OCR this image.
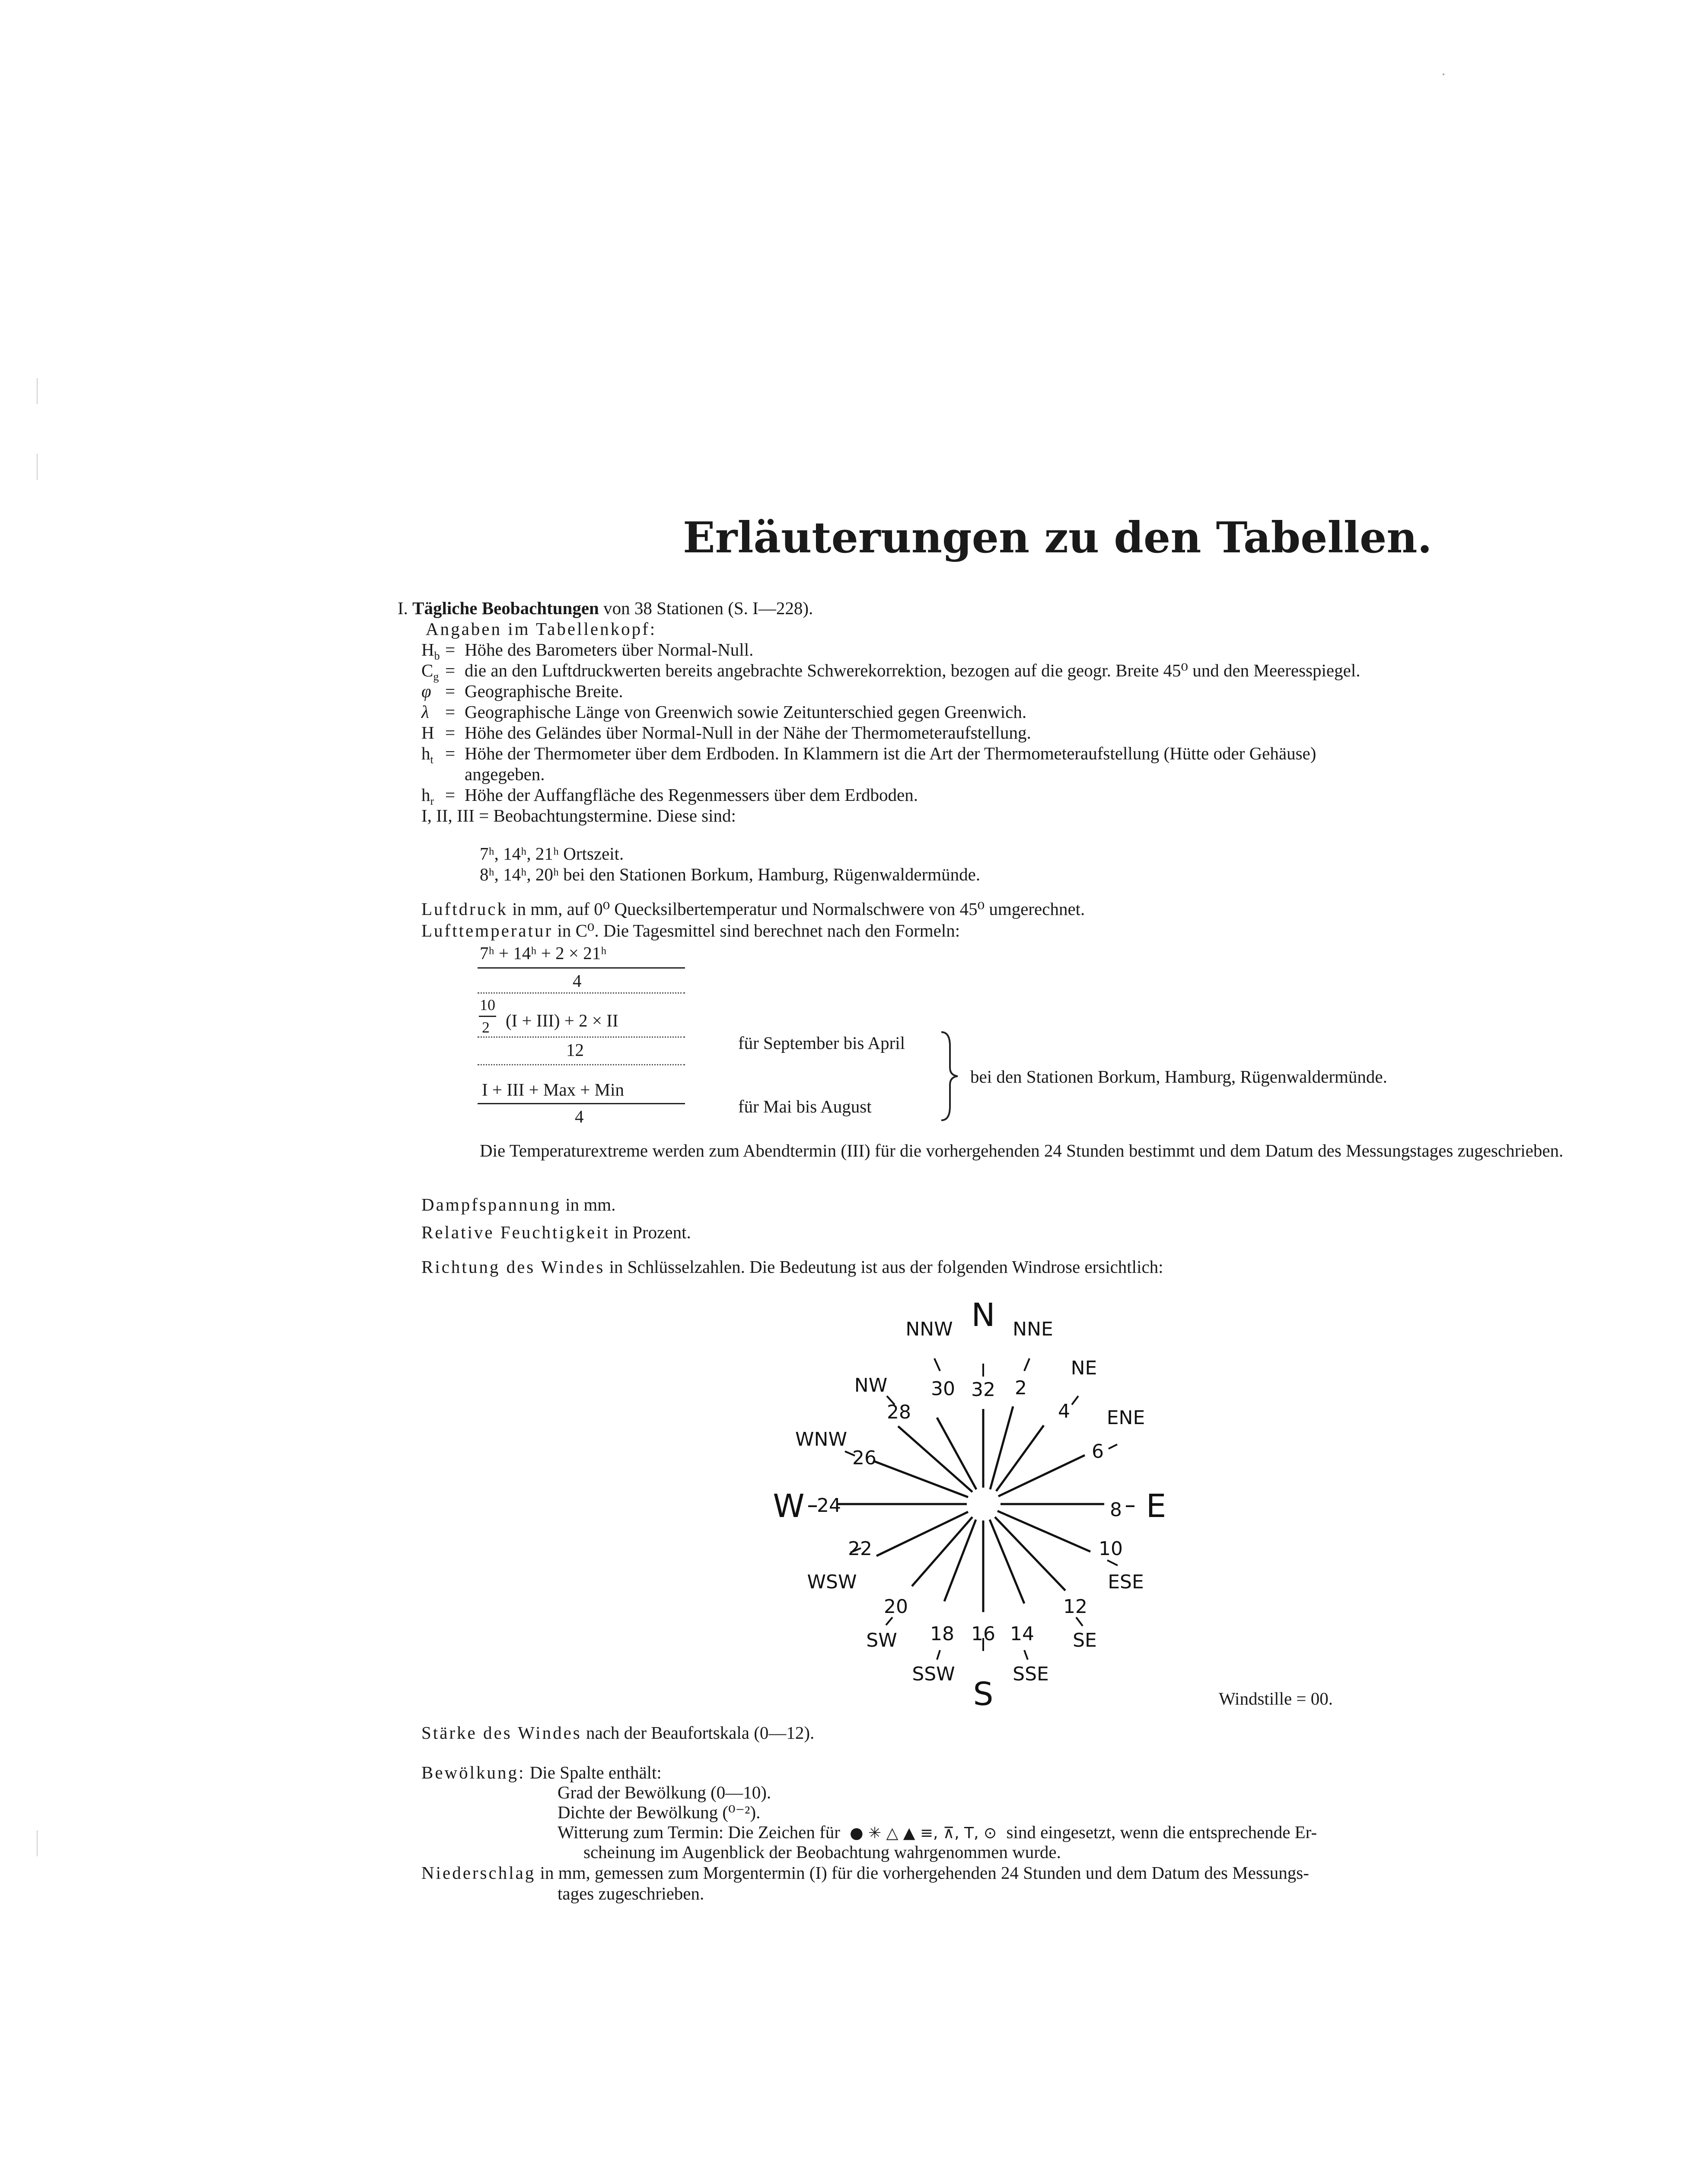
Erläuterungen zu den Tabellen.
I. Tägliche Beobachtungen von 38 Stationen (S. I—228).
Angaben im Tabellenkopf:
$H_b$ = Höhe des Barometers über Normal-Null.
$C_g$ = die an den Luftdruckwerten bereits angebrachte Schwerekorrektion, bezogen auf die geogr. Breite 45⁰ und den Meeresspiegel.
φ = Geographische Breite.
λ = Geographische Länge von Greenwich sowie Zeitunterschied gegen Greenwich.
H = Höhe des Geländes über Normal-Null in der Nähe der Thermometeraufstellung.
$h_t$ = Höhe der Thermometer über dem Erdboden. In Klammern ist die Art der Thermometeraufstellung (Hütte oder Gehäuse)
angegeben.
$h_r$ = Höhe der Auffangfläche des Regenmessers über dem Erdboden.
I, II, III = Beobachtungstermine. Diese sind:
7ʰ, 14ʰ, 21ʰ Ortszeit.
8ʰ, 14ʰ, 20ʰ bei den Stationen Borkum, Hamburg, Rügenwaldermünde.
Luftdruck in mm, auf 0⁰ Quecksilbertemperatur und Normalschwere von 45⁰ umgerechnet.
Lufttemperatur in C⁰. Die Tagesmittel sind berechnet nach den Formeln:
7ʰ + 14ʰ + 2 × 21ʰ
4
10
2 (I + III) + 2 × II
12	für September bis April
I + III + Max + Min
4	für Mai bis August
bei den Stationen Borkum, Hamburg, Rügenwaldermünde.
Die Temperaturextreme werden zum Abendtermin (III) für die vorhergehenden 24 Stunden bestimmt und dem Datum des Messungstages zugeschrieben.
Dampfspannung in mm.
Relative Feuchtigkeit in Prozent.
Richtung des Windes in Schlüsselzahlen. Die Bedeutung ist aus der folgenden Windrose ersichtlich:
N
E
S
W
NNE
NE
ENE
ESE
SE
SSE
SSW
SW
WSW
WNW
NW
NNW
32 2
4
6
8
10
12
14
16
18
20
22
24
26
28
30
Windstille = 00.
Stärke des Windes nach der Beaufortskala (0—12).
Bewölkung: Die Spalte enthält:
Grad der Bewölkung (0—10).
Dichte der Bewölkung (⁰⁻²).
Witterung zum Termin: Die Zeichen für ● ✳ △ ▲ ≡, ⊼, T, ⊙ sind eingesetzt, wenn die entsprechende Er-
scheinung im Augenblick der Beobachtung wahrgenommen wurde.
Niederschlag in mm, gemessen zum Morgentermin (I) für die vorhergehenden 24 Stunden und dem Datum des Messungs-
tages zugeschrieben.
